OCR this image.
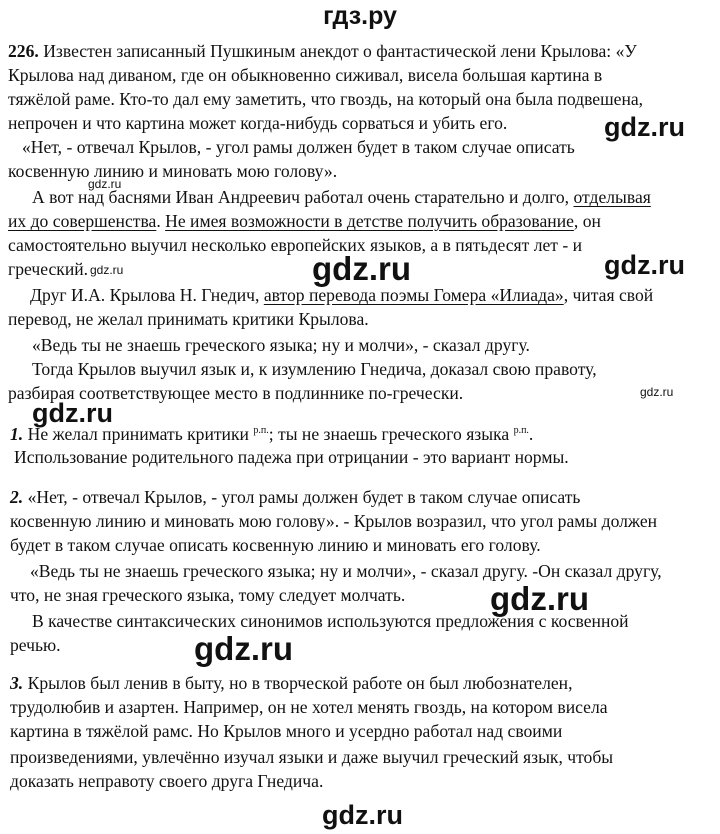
гдз.ру
226. Известен записанный Пушкиным анекдот о фантастической лени Крылова: «У
Крылова над диваном, где он обыкновенно сиживал, висела большая картина в
тяжёлой раме. Кто-то дал ему заметить, что гвоздь, на который она была подвешена,
непрочен и что картина может когда-нибудь сорваться и убить его.
«Нет, - отвечал Крылов, - угол рамы должен будет в таком случае описать
косвенную линию и миновать мою голову».
А вот над баснями Иван Андреевич работал очень старательно и долго, отделывая
их до совершенства. Не имея возможности в детстве получить образование, он
самостоятельно выучил несколько европейских языков, а в пятьдесят лет - и
греческий.
Друг И.А. Крылова Н. Гнедич, автор перевода поэмы Гомера «Илиада», читая свой
перевод, не желал принимать критики Крылова.
«Ведь ты не знаешь греческого языка; ну и молчи», - сказал другу.
Тогда Крылов выучил язык и, к изумлению Гнедича, доказал свою правоту,
разбирая соответствующее место в подлиннике по-гречески.
1. Не желал принимать критики $^{р.п.}$; ты не знаешь греческого языка $^{р.п.}$.
Использование родительного падежа при отрицании - это вариант нормы.
2. «Нет, - отвечал Крылов, - угол рамы должен будет в таком случае описать
косвенную линию и миновать мою голову». - Крылов возразил, что угол рамы должен
будет в таком случае описать косвенную линию и миновать его голову.
«Ведь ты не знаешь греческого языка; ну и молчи», - сказал другу. -Он сказал другу,
что, не зная греческого языка, тому следует молчать.
В качестве синтаксических синонимов используются предложения с косвенной
речью.
3. Крылов был ленив в быту, но в творческой работе он был любознателен,
трудолюбив и азартен. Например, он не хотел менять гвоздь, на котором висела
картина в тяжёлой рамс. Но Крылов много и усердно работал над своими
произведениями, увлечённо изучал языки и даже выучил греческий язык, чтобы
доказать неправоту своего друга Гнедича.
gdz.ru
gdz.ru
gdz.ru
gdz.ru	gdz.ru
gdz.ru
gdz.ru
gdz.ru
gdz.ru
gdz.ru
